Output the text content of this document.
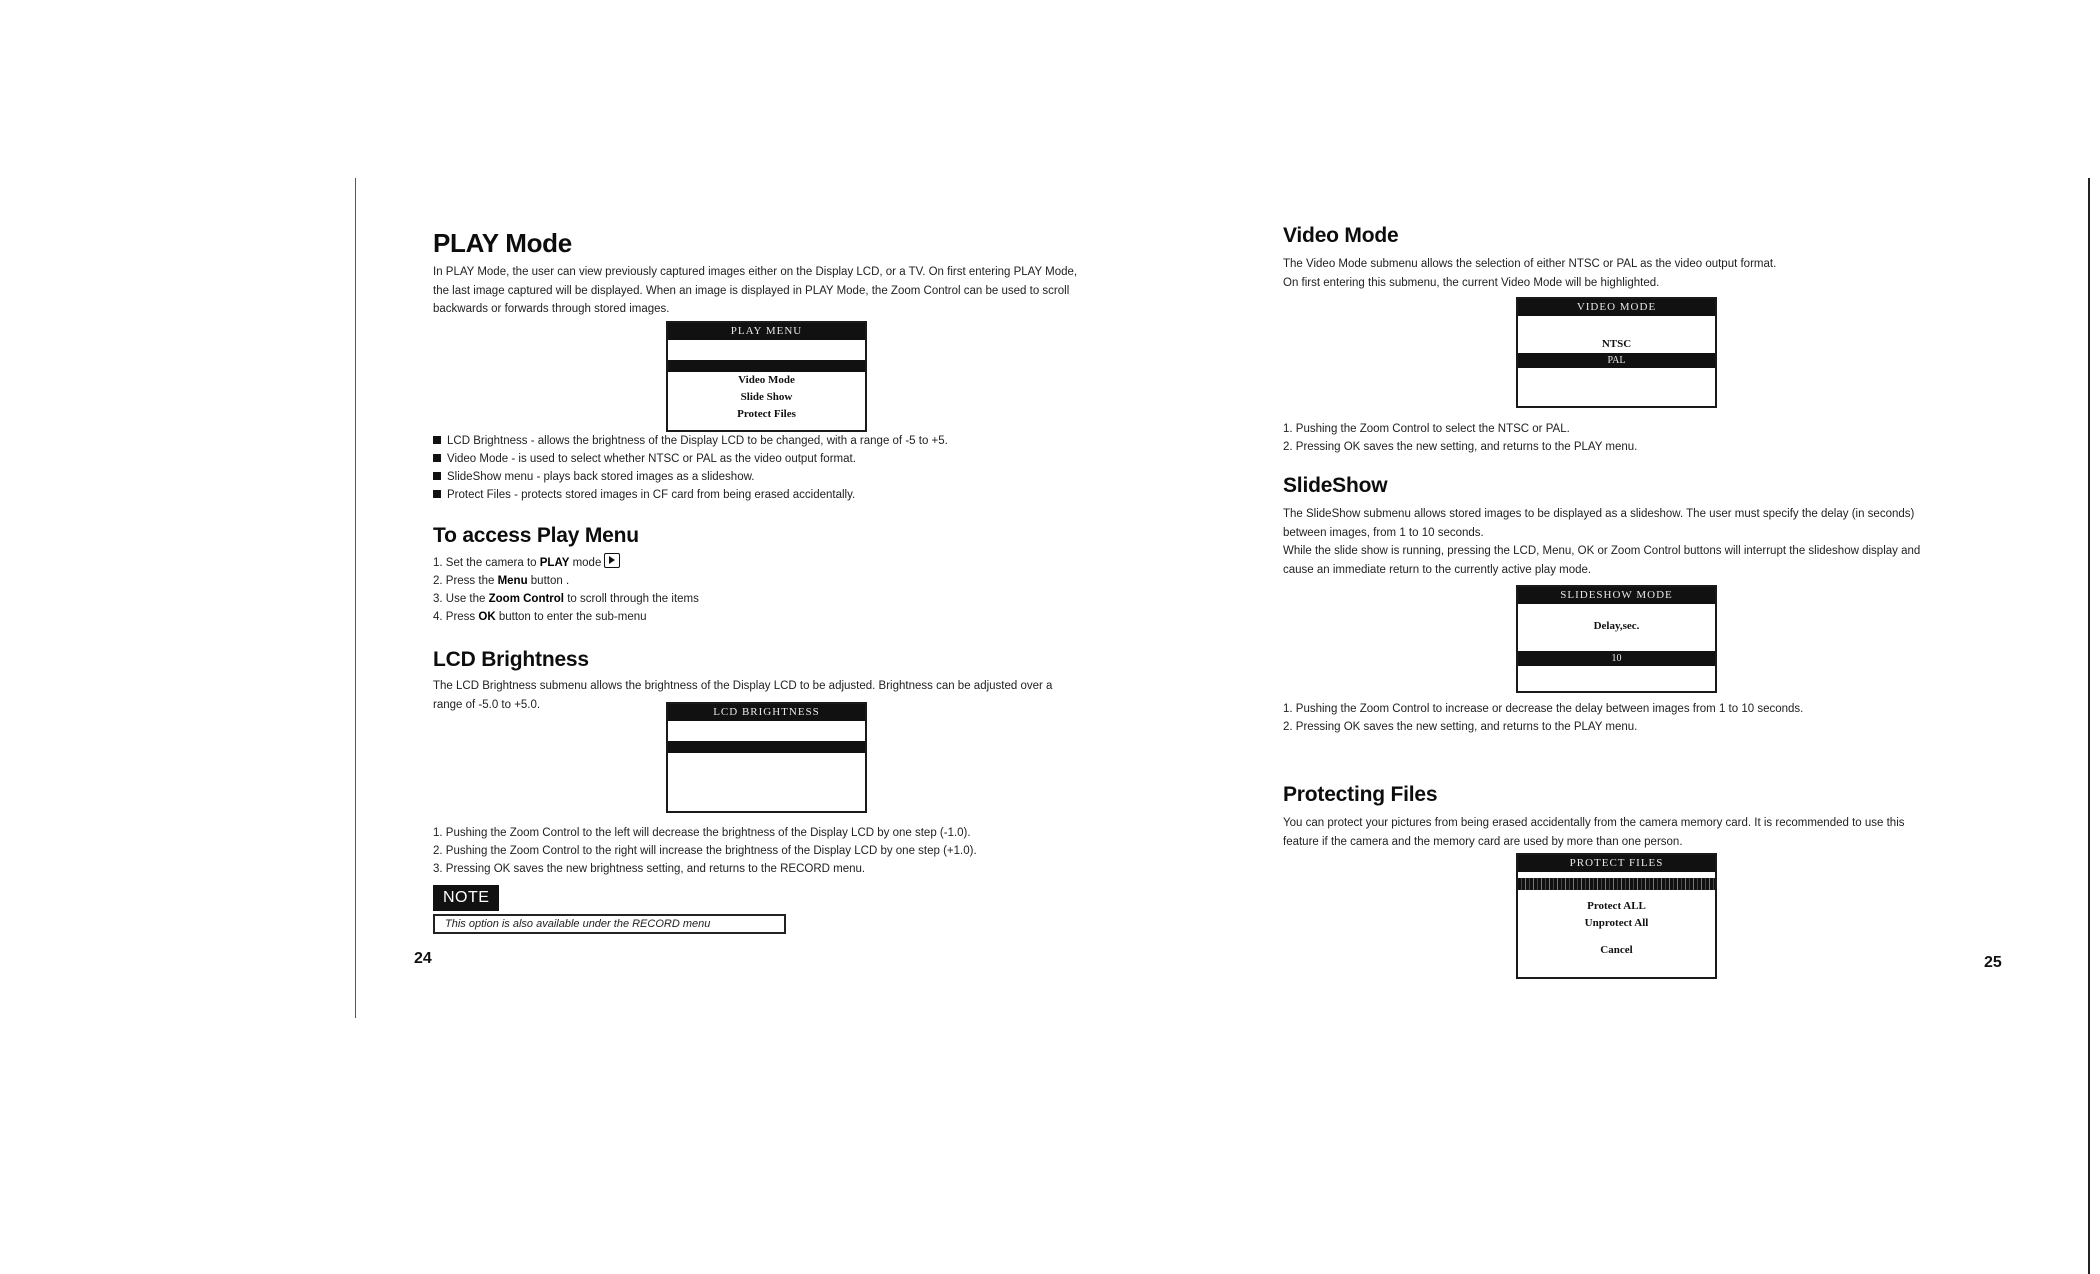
PLAY Mode

In PLAY Mode, the user can view previously captured images either on the Display LCD, or a TV. On first entering PLAY Mode,
the last image captured will be displayed. When an image is displayed in PLAY Mode, the Zoom Control can be used to scroll
backwards or forwards through stored images.

PLAY MENU
Video Mode
Slide Show
Protect Files
LCD Brightness - allows the brightness of the Display LCD to be changed, with a range of -5 to +5.
Video Mode - is used to select whether NTSC or PAL as the video output format.
SlideShow menu - plays back stored images as a slideshow.
Protect Files - protects stored images in CF card from being erased accidentally.
To access Play Menu
1. Set the camera to PLAY mode
2. Press the Menu button .
3. Use the Zoom Control to scroll through the items
4. Press OK button to enter the sub-menu
LCD Brightness

The LCD Brightness submenu allows the brightness of the Display LCD to be adjusted. Brightness can be adjusted over a
range of -5.0 to +5.0.

LCD BRIGHTNESS
1. Pushing the Zoom Control to the left will decrease the brightness of the Display LCD by one step (-1.0).
2. Pushing the Zoom Control to the right will increase the brightness of the Display LCD by one step (+1.0).
3. Pressing OK saves the new brightness setting, and returns to the RECORD menu.
NOTE
This option is also available under the RECORD menu
24
Video Mode

The Video Mode submenu allows the selection of either NTSC or PAL as the video output format.
On first entering this submenu, the current Video Mode will be highlighted.

VIDEO MODE
NTSC
PAL
1. Pushing the Zoom Control to select the NTSC or PAL.
2. Pressing OK saves the new setting, and returns to the PLAY menu.
SlideShow

The SlideShow submenu allows stored images to be displayed as a slideshow. The user must specify the delay (in seconds)
between images, from 1 to 10 seconds.
While the slide show is running, pressing the LCD, Menu, OK or Zoom Control buttons will interrupt the slideshow display and
cause an immediate return to the currently active play mode.

SLIDESHOW MODE
Delay,sec.
10
1. Pushing the Zoom Control to increase or decrease the delay between images from 1 to 10 seconds.
2. Pressing OK saves the new setting, and returns to the PLAY menu.
Protecting Files

You can protect your pictures from being erased accidentally from the camera memory card. It is recommended to use this
feature if the camera and the memory card are used by more than one person.

PROTECT FILES
Protect ALL
Unprotect All
Cancel
25
